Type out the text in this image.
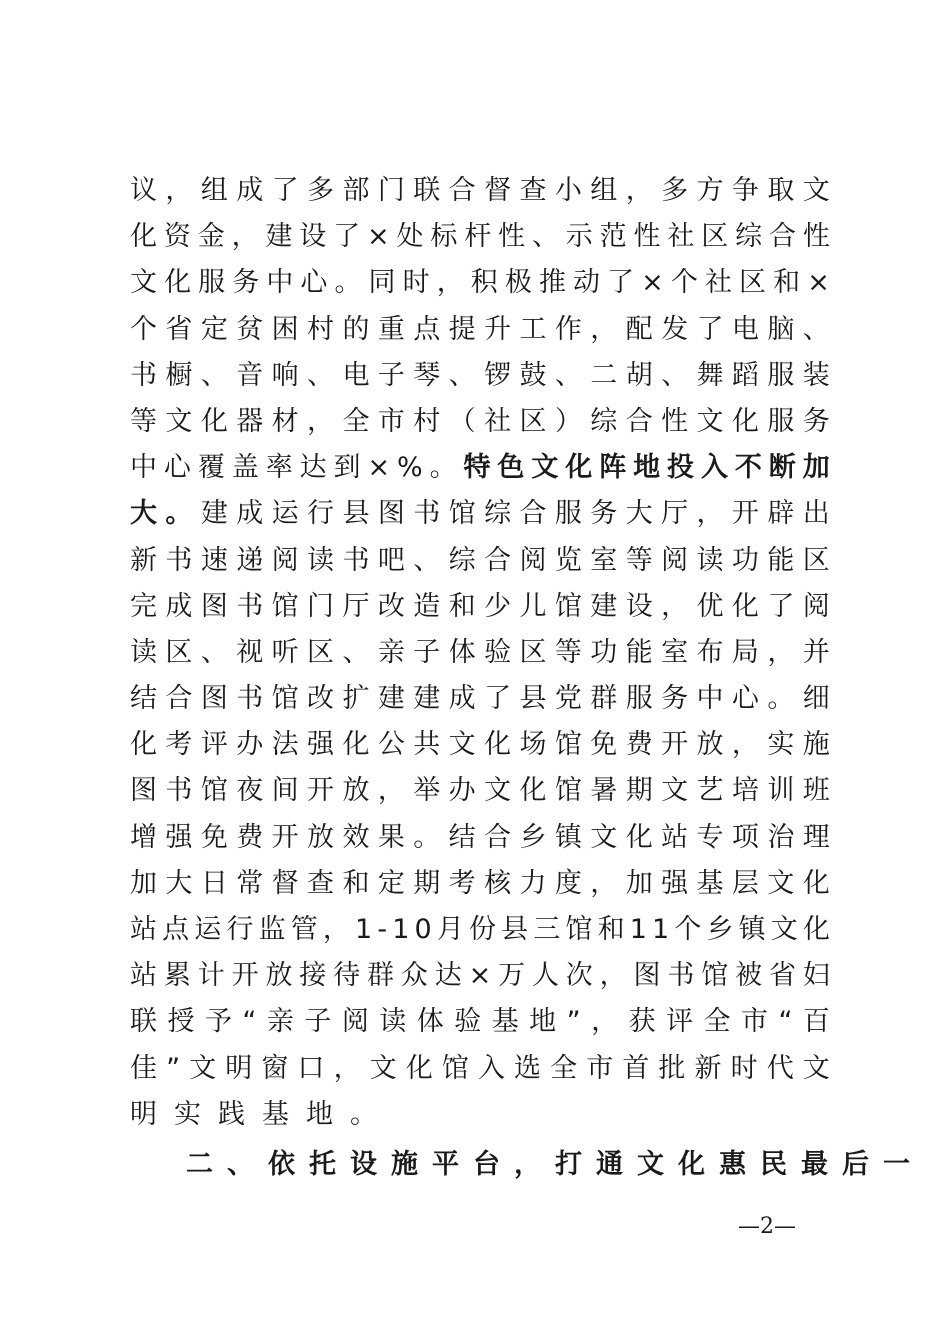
议 ， 组 成 了 多 部 门 联 合 督 查 小 组 ， 多 方 争 取 文
化 资 金 ， 建 设 了 × 处 标 杆 性 、 示 范 性 社 区 综 合 性
文 化 服 务 中 心 。 同 时 ， 积 极 推 动 了 × 个 社 区 和 ×
个 省 定 贫 困 村 的 重 点 提 升 工 作 ， 配 发 了 电 脑 、
书 橱 、 音 响 、 电 子 琴 、 锣 鼓 、 二 胡 、 舞 蹈 服 装
等 文 化 器 材 ， 全 市 村 （ 社 区 ） 综 合 性 文 化 服 务
中 心 覆 盖 率 达 到 × % 。 特 色 文 化 阵 地 投 入 不 断 加
大 。 建 成 运 行 县 图 书 馆 综 合 服 务 大 厅 ， 开 辟 出
新 书 速 递 阅 读 书 吧 、 综 合 阅 览 室 等 阅 读 功 能 区
完 成 图 书 馆 门 厅 改 造 和 少 儿 馆 建 设 ， 优 化 了 阅
读 区 、 视 听 区 、 亲 子 体 验 区 等 功 能 室 布 局 ， 并
结 合 图 书 馆 改 扩 建 建 成 了 县 党 群 服 务 中 心 。 细
化 考 评 办 法 强 化 公 共 文 化 场 馆 免 费 开 放 ， 实 施
图 书 馆 夜 间 开 放 ， 举 办 文 化 馆 暑 期 文 艺 培 训 班
增 强 免 费 开 放 效 果 。 结 合 乡 镇 文 化 站 专 项 治 理
加 大 日 常 督 查 和 定 期 考 核 力 度 ， 加 强 基 层 文 化
站 点 运 行 监 管 ， 1 - 1 0 月 份 县 三 馆 和 1 1 个 乡 镇 文 化
站 累 计 开 放 接 待 群 众 达 × 万 人 次 ， 图 书 馆 被 省 妇
联 授 予 “ 亲 子 阅 读 体 验 基 地 ” ， 获 评 全 市 “ 百
佳 ” 文 明 窗 口 ， 文 化 馆 入 选 全 市 首 批 新 时 代 文
明实践基地。
二、依托设施平台，打通文化惠民最后一
—2—
